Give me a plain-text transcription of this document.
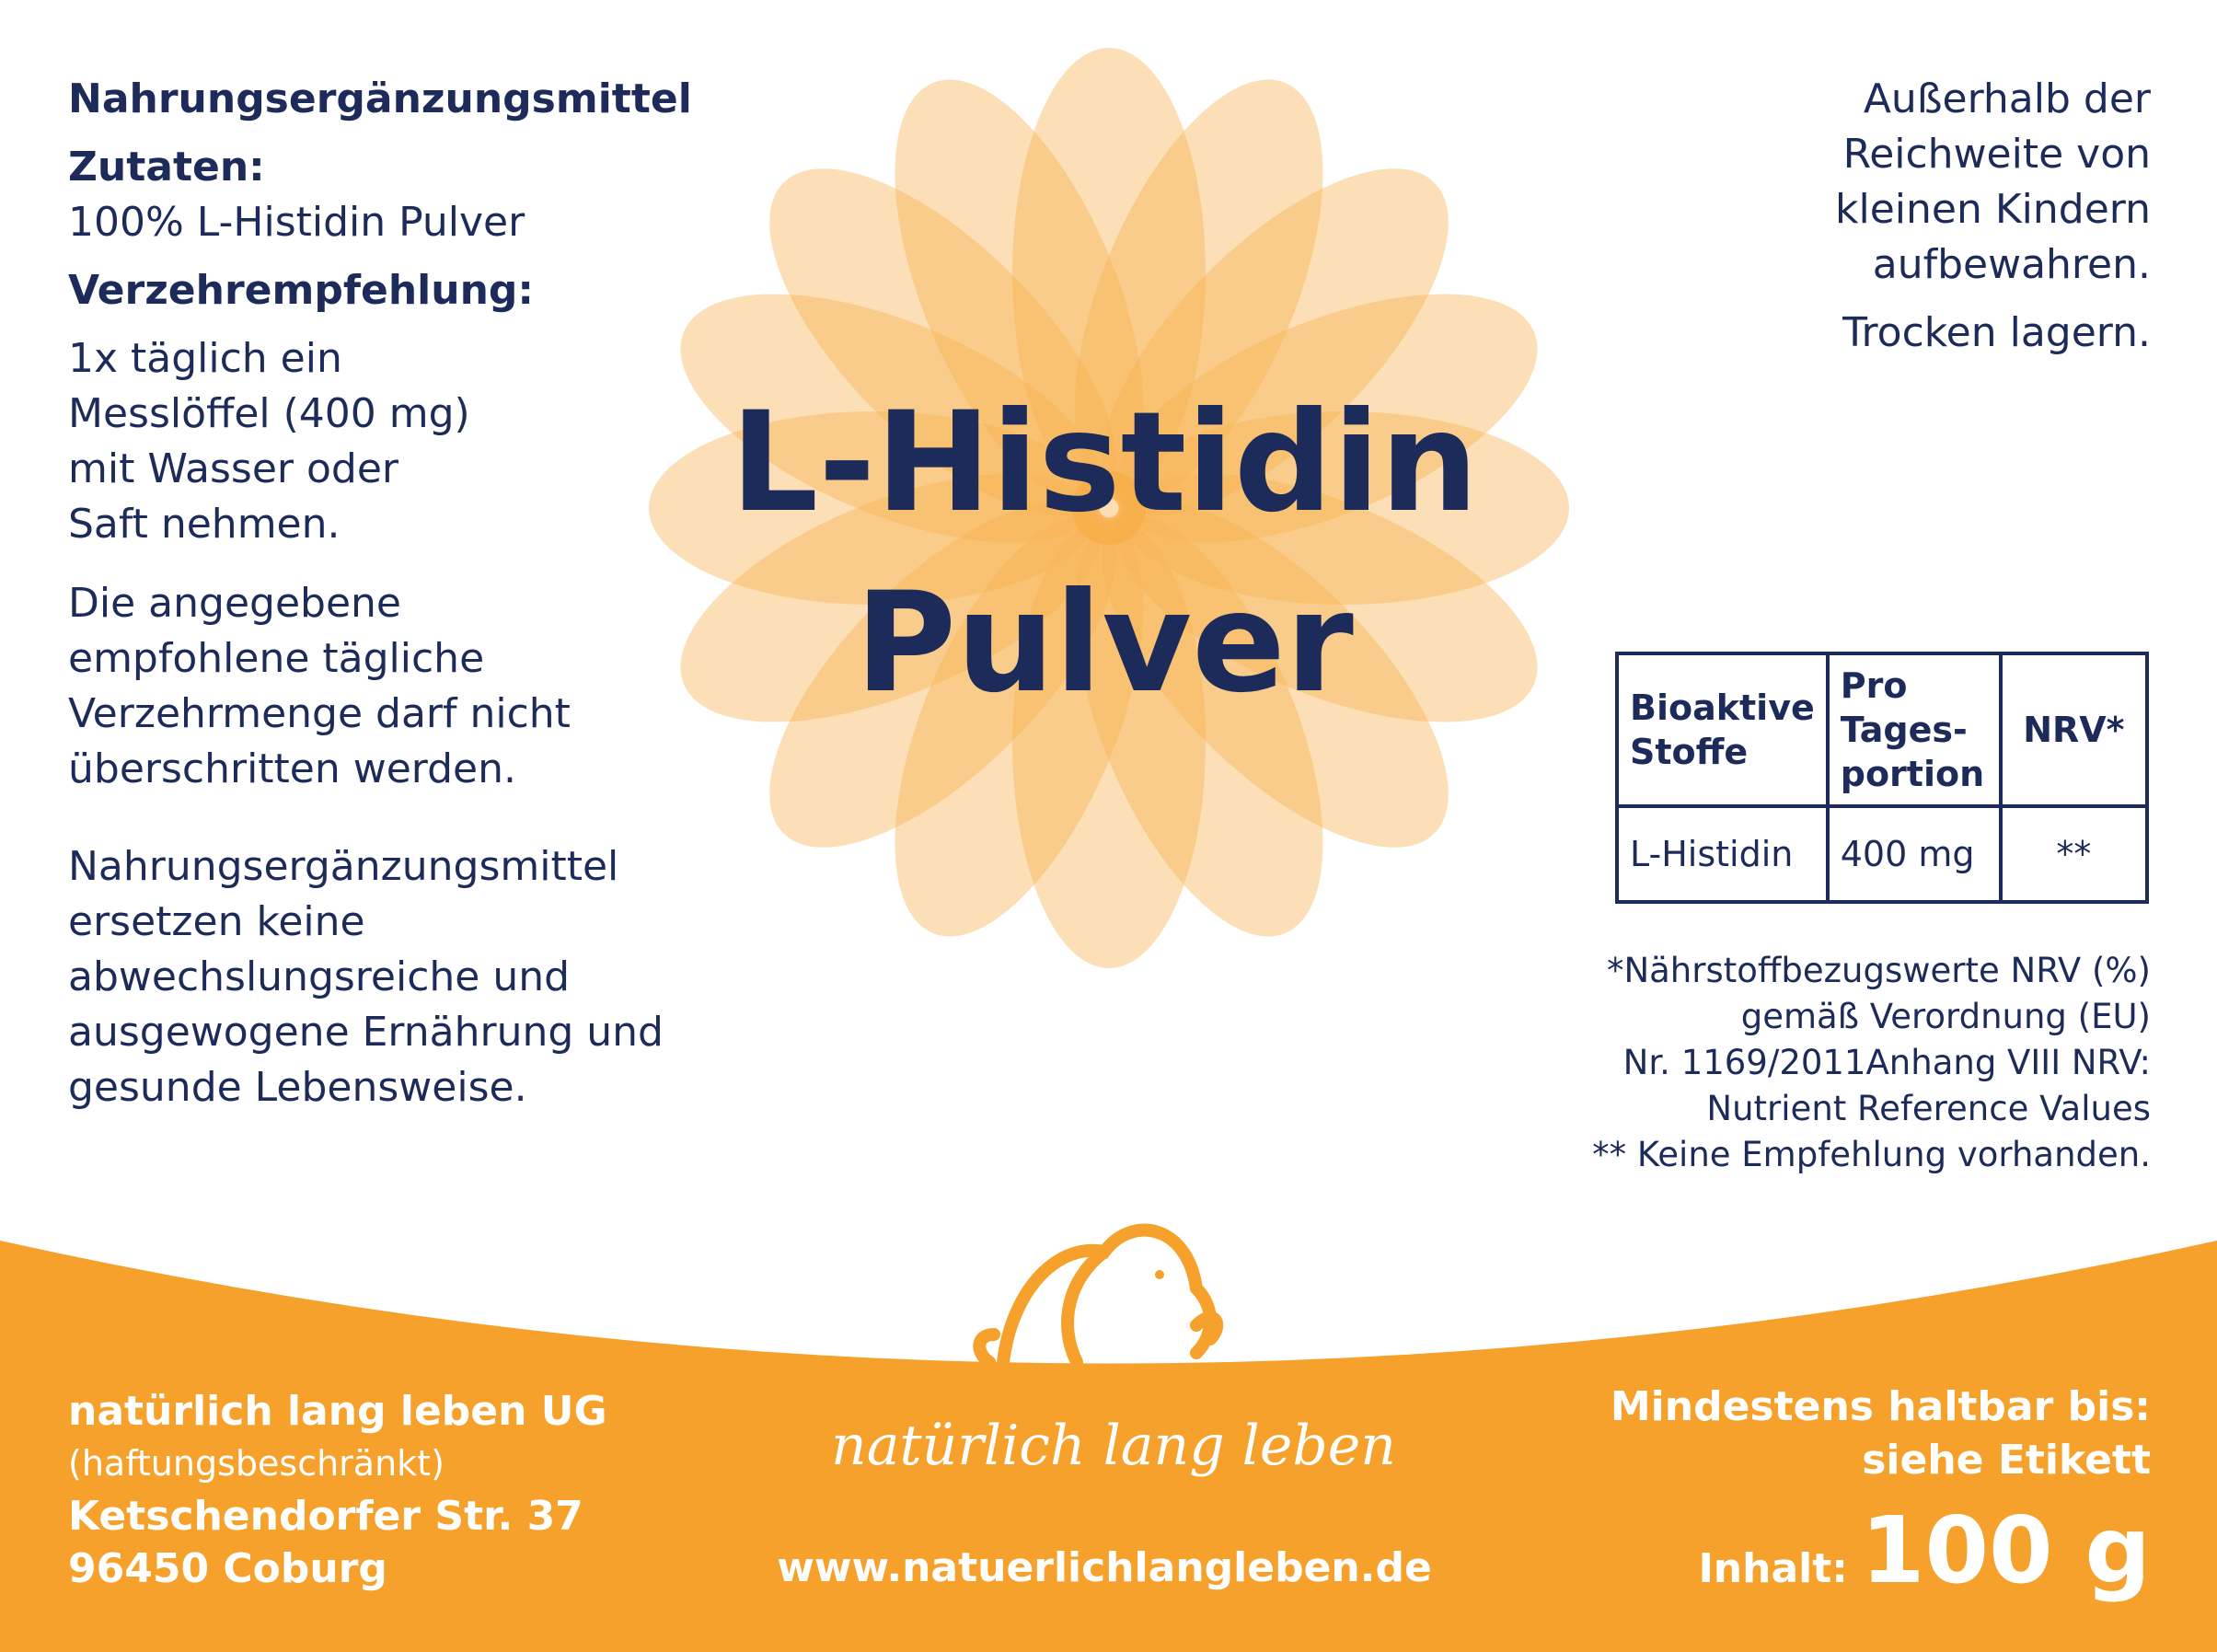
Nahrungsergänzungsmittel

Zutaten:

100% L-Histidin Pulver

Verzehrempfehlung:

1x täglich ein

Messlöffel (400 mg)

mit Wasser oder

Saft nehmen.

Die angegebene

empfohlene tägliche

Verzehrmenge darf nicht

überschritten werden.

Nahrungsergänzungsmittel

ersetzen keine

abwechslungsreiche und

ausgewogene Ernährung und

gesunde Lebensweise.

L-Histidin

Pulver

Außerhalb der

Reichweite von

kleinen Kindern

aufbewahren.

Trocken lagern.

Bioaktive
Stoffe	Pro
Tages-
portion	NRV*
L-Histidin	400 mg	**

*Nährstoffbezugswerte NRV (%)

gemäß Verordnung (EU)

Nr. 1169/2011Anhang VIII NRV:

Nutrient Reference Values

** Keine Empfehlung vorhanden.

natürlich lang leben UG

(haftungsbeschränkt)

Ketschendorfer Str. 37

96450 Coburg

natürlich lang leben
www.natuerlichlangleben.de

Mindestens haltbar bis:

siehe Etikett

Inhalt: 100 g
